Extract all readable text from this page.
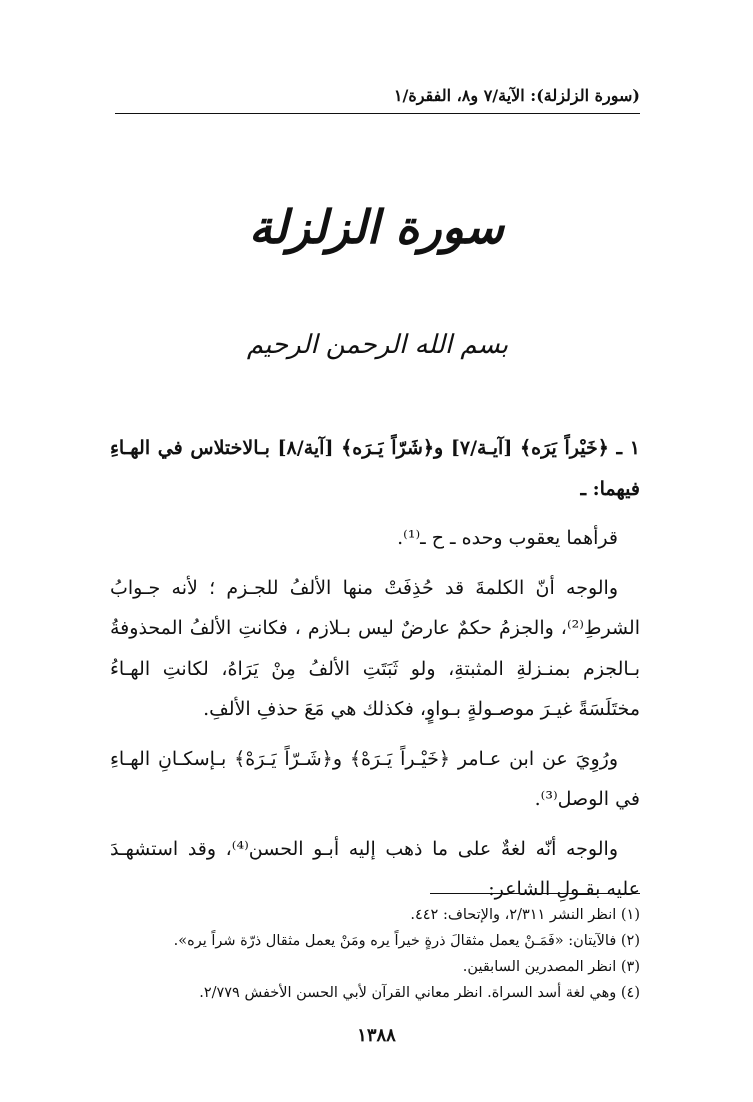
(سورة الزلزلة): الآية/٧ و٨، الفقرة/١
سورة الزلزلة
بسم الله الرحمن الرحيم

١ ـ ﴿خَيْراً يَرَه﴾ [آيـة/٧] و﴿شَرّاً يَـرَه﴾ [آية/٨] بـالاختلاس في الهـاءِ فيهما: ـ

قرأهما يعقوب وحده ـ ح ـ⁽¹⁾.

والوجه أنّ الكلمةَ قد حُذِفَتْ منها الألفُ للجـزم ؛ لأنه جـوابُ الشرطِ⁽²⁾، والجزمُ حكمٌ عارضٌ ليس بـلازم ، فكانتِ الألفُ المحذوفةُ بـالجزم بمنـزلةِ المثبتةِ، ولو ثَبَتَتِ الألفُ مِنْ يَرَاهُ، لكانتِ الهـاءُ مختَلَسَةً غيـرَ موصـولةٍ بـواوٍ، فكذلك هي مَعَ حذفِ الألفِ.

ورُوِيَ عن ابن عـامر ﴿خَيْـراً يَـرَهْ﴾ و﴿شَـرّاً يَـرَهْ﴾ بـإسكـانِ الهـاءِ في الوصل⁽³⁾.

والوجه أنّه لغةٌ على ما ذهب إليه أبـو الحسن⁽⁴⁾، وقد استشهـدَ عليه بقـولِ الشاعر:

(١) انظر النشر ٢/٣١١، والإتحاف: ٤٤٢.
(٢) فالآيتان: «فَمَـنْ يعمل مثقالَ ذرةٍ خيراً يره ومَنْ يعمل مثقال ذرّة شراً يره».
(٣) انظر المصدرين السابقين.
(٤) وهي لغة أسد السراة. انظر معاني القرآن لأبي الحسن الأخفش ٢/٧٧٩.
١٣٨٨
